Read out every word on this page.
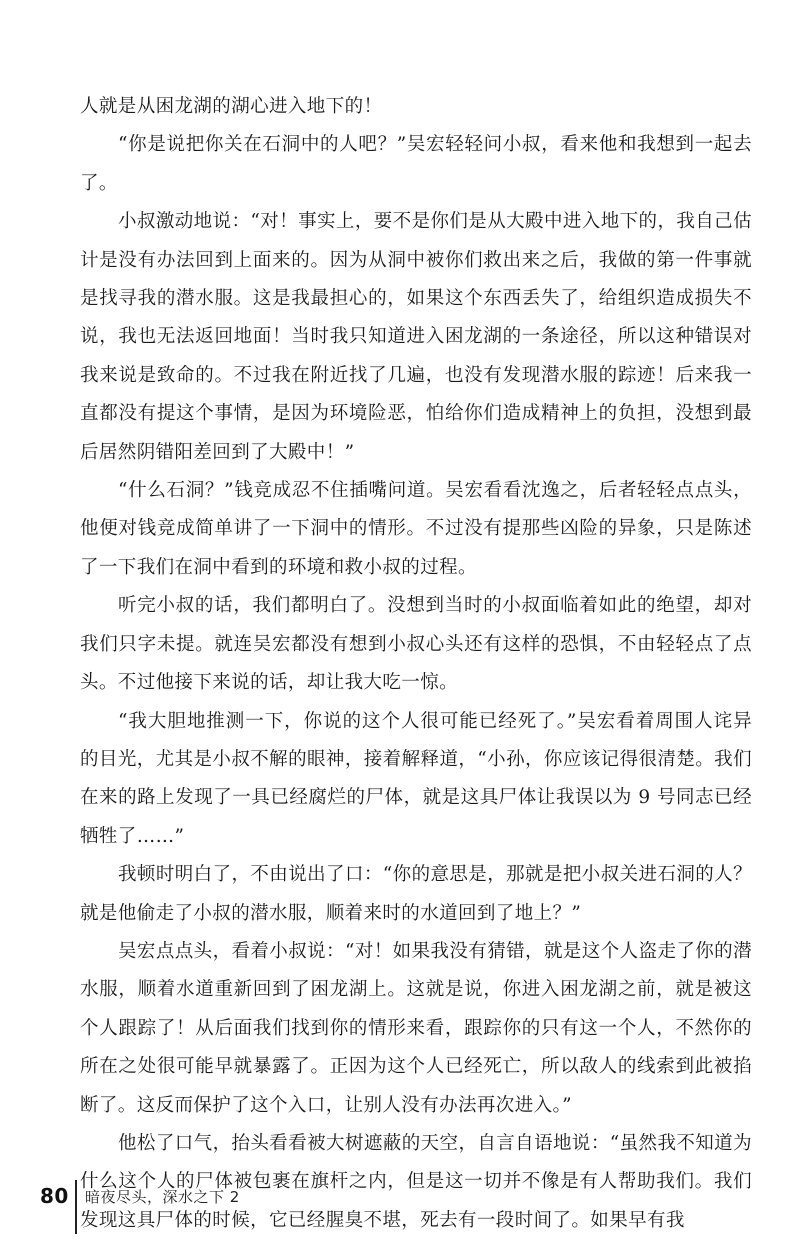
人就是从困龙湖的湖心进入地下的！

“你是说把你关在石洞中的人吧？”吴宏轻轻问小叔，看来他和我想到一起去了。

小叔激动地说：“对！事实上，要不是你们是从大殿中进入地下的，我自己估计是没有办法回到上面来的。因为从洞中被你们救出来之后，我做的第一件事就是找寻我的潜水服。这是我最担心的，如果这个东西丢失了，给组织造成损失不说，我也无法返回地面！当时我只知道进入困龙湖的一条途径，所以这种错误对我来说是致命的。不过我在附近找了几遍，也没有发现潜水服的踪迹！后来我一直都没有提这个事情，是因为环境险恶，怕给你们造成精神上的负担，没想到最后居然阴错阳差回到了大殿中！”

“什么石洞？”钱竞成忍不住插嘴问道。吴宏看看沈逸之，后者轻轻点点头，他便对钱竞成简单讲了一下洞中的情形。不过没有提那些凶险的异象，只是陈述了一下我们在洞中看到的环境和救小叔的过程。

听完小叔的话，我们都明白了。没想到当时的小叔面临着如此的绝望，却对我们只字未提。就连吴宏都没有想到小叔心头还有这样的恐惧，不由轻轻点了点头。不过他接下来说的话，却让我大吃一惊。

“我大胆地推测一下，你说的这个人很可能已经死了。”吴宏看着周围人诧异的目光，尤其是小叔不解的眼神，接着解释道，“小孙，你应该记得很清楚。我们在来的路上发现了一具已经腐烂的尸体，就是这具尸体让我误以为 9 号同志已经牺牲了……”

我顿时明白了，不由说出了口：“你的意思是，那就是把小叔关进石洞的人？就是他偷走了小叔的潜水服，顺着来时的水道回到了地上？”

吴宏点点头，看着小叔说：“对！如果我没有猜错，就是这个人盗走了你的潜水服，顺着水道重新回到了困龙湖上。这就是说，你进入困龙湖之前，就是被这个人跟踪了！从后面我们找到你的情形来看，跟踪你的只有这一个人，不然你的所在之处很可能早就暴露了。正因为这个人已经死亡，所以敌人的线索到此被掐断了。这反而保护了这个入口，让别人没有办法再次进入。”

他松了口气，抬头看看被大树遮蔽的天空，自言自语地说：“虽然我不知道为什么这个人的尸体被包裹在旗杆之内，但是这一切并不像是有人帮助我们。我们发现这具尸体的时候，它已经腥臭不堪，死去有一段时间了。如果早有我

80 暗夜尽头，深水之下 2
